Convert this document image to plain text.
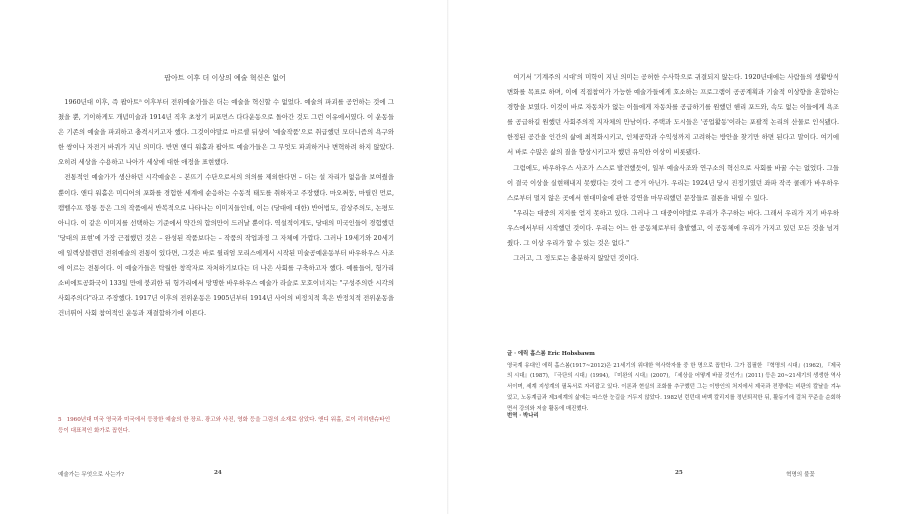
팝아트 이후 더 이상의 예술 혁신은 없어

1960년대 이후, 즉 팝아트⁵ 이후부터 전위예술가들은 더는 예술을 혁신할 수 없었다. 예술의 파괴를 공언하는 것에 그쳤을 뿐, 기이하게도 개념미술과 1914년 직후 초창기 퍼포먼스 다다운동으로 돌아간 것도 그런 이유에서였다. 이 운동들은 기존의 예술을 파괴하고 충격시키고자 했다. 그것이야말로 마르셀 뒤샹이 '예술작품'으로 취급했던 모더니즘의 욕구와 한 쌍이나 자전거 바퀴가 지닌 의미다. 반면 앤디 워홀과 팝아트 예술가들은 그 무엇도 파괴하거나 변혁하려 하지 않았다. 오히려 세상을 수용하고 나아가 세상에 대한 애정을 표현했다.

전통적인 예술가가 생산하던 시각예술은 – 본뜨기 수단으로서의 의의를 제외한다면 – 더는 설 자리가 없음을 보여줬을 뿐이다. 앤디 워홀은 미디어의 포화를 경험한 세계에 순응하는 수동적 태도를 취하자고 주장했다. 마오쩌둥, 마릴린 먼로, 캠벨수프 깡통 등은 그의 작품에서 반복적으로 나타나는 이미지들인데, 이는 (당대에 대한) 반어법도, 감상주의도, 논평도 아니다. 이 같은 이미지를 선택하는 기준에서 약간의 합의만이 드러날 뿐이다. 역설적이게도, 당대의 미국인들이 경험했던 '당대의 표현'에 가장 근접했던 것은 – 완성된 작품보다는 – 작품의 작업과정 그 자체에 가깝다. 그러나 19세기와 20세기에 일렉상블렌던 전위예술의 전통이 있다면, 그것은 바로 윌리엄 모리스에게서 시작된 미술공예운동부터 바우하우스 사조에 이르는 전통이다. 이 예술가들은 탁월한 창작자로 자처하기보다는 더 나은 사회를 구축하고자 했다. 예를들어, 헝가리 소비에트공화국이 133일 만에 붕괴한 뒤 헝가리에서 망명한 바우하우스 예술가 라슬로 모호이너지는 "구성주의란 시각의 사회주의다"라고 주장했다. 1917년 이후의 전위운동은 1905년부터 1914년 사이의 비정치적 혹은 반정치적 전위운동을 건너뛰어 사회 참여적인 운동과 재결합하기에 이른다.

5 1960년대 미국 영국과 미국에서 등장한 예술의 한 장르. 광고와 사진, 영화 등을 그림의 소재로 삼았다. 앤디 워홀, 로이 리히텐슈타인 등이 대표적인 화가로 꼽힌다.
예술가는 무엇으로 사는가?	24

여기서 '기계주의 시대'의 미학이 지닌 의미는 공허한 수사학으로 귀결되지 않는다. 1920년대에는 사람들의 생활방식 변화를 목표로 하며, 이에 직접참여가 가능한 예술가들에게 호소하는 프로그램이 공공계획과 기술적 이상향을 혼합하는 경향을 보였다. 이것이 바로 자동차가 없는 이들에게 자동차를 공급하기를 원했던 헨리 포드와, 속도 없는 이들에게 욕조를 공급하길 원했던 사회주의적 지자체의 만남이다. 주택과 도시들은 '공업활동'이라는 포괄적 논리의 산물로 인식됐다. 한정된 공간을 인간의 삶에 최적화시키고, 인체공학과 수익성까지 고려하는 방안을 찾기만 하면 된다고 말이다. 여기에서 바로 수많은 삶의 질을 향상시키고자 했던 유익한 이상이 비롯됐다.

그럼에도, 바우하우스 사조가 스스로 발견했듯이, 일부 예술사조와 연구소의 혁신으로 사회를 바꿀 수는 없었다. 그들이 결국 이상을 실현해내지 못했다는 것이 그 증거 아닌가. 우리는 1924년 당시 진정기였던 좌파 작곡 쿨레가 바우하우스로부터 멀지 않은 곳에서 현대미술에 관한 강연을 마무리했던 문장들로 결론을 내릴 수 있다.

"우리는 대중의 지지를 얻지 못하고 있다. 그러나 그 대중이야말로 우리가 추구하는 바다. 그래서 우리가 지기 바우하우스에서부터 시작했던 것이다. 우리는 어느 한 공동체로부터 출발했고, 이 공동체에 우리가 가지고 있던 모든 것을 넘겨줬다. 그 이상 우리가 할 수 있는 것은 없다."

그러고, 그 정도로는 충분하지 않았던 것이다.

글 · 에릭 홉스봄 Eric Hobsbawm
영국계 유대인 에릭 홉스봄(1917~2012)은 21세기의 위대한 역사학자를 중 한 명으로 꼽힌다. 그가 집필한 『혁명의 시대』(1962), 『제국의 시대』(1987), 『극단의 시대』(1994), 『미완의 시대』(2007), 『세상을 어떻게 바꿀 것인가』(2011) 등은 20~21세기의 생생한 역사서이며, 세계 지성계의 필독서로 자리잡고 있다. 이론과 현실의 조화를 추구했던 그는 이방인의 처지에서 제국과 전쟁에는 비판의 칼날을 겨누었고, 노동계급과 제3세계의 삶에는 따스한 눈길을 거두지 않았다. 1982년 런던대 버벡 칼리지를 정년퇴직한 뒤, 활동기에 걸쳐 꾸준을 순회하면서 강의와 저술 활동에 매진했다.
번역 · 박나리
25	혁명의 불꽃
